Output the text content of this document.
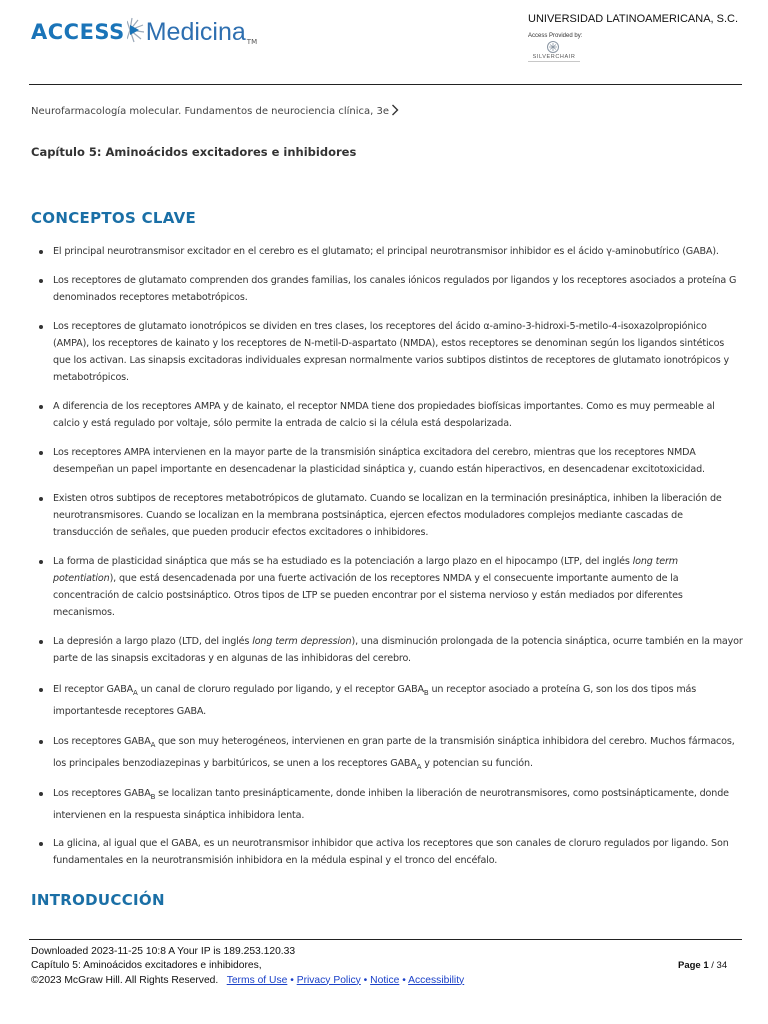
ACCESS Medicina TM
UNIVERSIDAD LATINOAMERICANA, S.C.
Access Provided by:
SILVERCHAIR
Neurofarmacología molecular. Fundamentos de neurociencia clínica, 3e
Capítulo 5: Aminoácidos excitadores e inhibidores
CONCEPTOS CLAVE
El principal neurotransmisor excitador en el cerebro es el glutamato; el principal neurotransmisor inhibidor es el ácido γ-aminobutírico (GABA).
Los receptores de glutamato comprenden dos grandes familias, los canales iónicos regulados por ligandos y los receptores asociados a proteína G denominados receptores metabotrópicos.
Los receptores de glutamato ionotrópicos se dividen en tres clases, los receptores del ácido α-amino-3-hidroxi-5-metilo-4-isoxazolpropiónico (AMPA), los receptores de kainato y los receptores de N-metil-D-aspartato (NMDA), estos receptores se denominan según los ligandos sintéticos que los activan. Las sinapsis excitadoras individuales expresan normalmente varios subtipos distintos de receptores de glutamato ionotrópicos y metabotrópicos.
A diferencia de los receptores AMPA y de kainato, el receptor NMDA tiene dos propiedades biofísicas importantes. Como es muy permeable al calcio y está regulado por voltaje, sólo permite la entrada de calcio si la célula está despolarizada.
Los receptores AMPA intervienen en la mayor parte de la transmisión sináptica excitadora del cerebro, mientras que los receptores NMDA desempeñan un papel importante en desencadenar la plasticidad sináptica y, cuando están hiperactivos, en desencadenar excitotoxicidad.
Existen otros subtipos de receptores metabotrópicos de glutamato. Cuando se localizan en la terminación presináptica, inhiben la liberación de neurotransmisores. Cuando se localizan en la membrana postsináptica, ejercen efectos moduladores complejos mediante cascadas de transducción de señales, que pueden producir efectos excitadores o inhibidores.
La forma de plasticidad sináptica que más se ha estudiado es la potenciación a largo plazo en el hipocampo (LTP, del inglés long term potentiation), que está desencadenada por una fuerte activación de los receptores NMDA y el consecuente importante aumento de la concentración de calcio postsináptico. Otros tipos de LTP se pueden encontrar por el sistema nervioso y están mediados por diferentes mecanismos.
La depresión a largo plazo (LTD, del inglés long term depression), una disminución prolongada de la potencia sináptica, ocurre también en la mayor parte de las sinapsis excitadoras y en algunas de las inhibidoras del cerebro.
El receptor $GABA_A$ un canal de cloruro regulado por ligando, y el receptor $GABA_B$ un receptor asociado a proteína G, son los dos tipos más importantesde receptores GABA.
Los receptores $GABA_A$ que son muy heterogéneos, intervienen en gran parte de la transmisión sináptica inhibidora del cerebro. Muchos fármacos, los principales benzodiazepinas y barbitúricos, se unen a los receptores $GABA_A$ y potencian su función.
Los receptores $GABA_B$ se localizan tanto presinápticamente, donde inhiben la liberación de neurotransmisores, como postsinápticamente, donde intervienen en la respuesta sináptica inhibidora lenta.
La glicina, al igual que el GABA, es un neurotransmisor inhibidor que activa los receptores que son canales de cloruro regulados por ligando. Son fundamentales en la neurotransmisión inhibidora en la médula espinal y el tronco del encéfalo.
INTRODUCCIÓN
Downloaded 2023-11-25 10:8 A Your IP is 189.253.120.33
Capítulo 5: Aminoácidos excitadores e inhibidores,
©2023 McGraw Hill. All Rights Reserved. Terms of Use • Privacy Policy • Notice • Accessibility
Page 1 / 34
